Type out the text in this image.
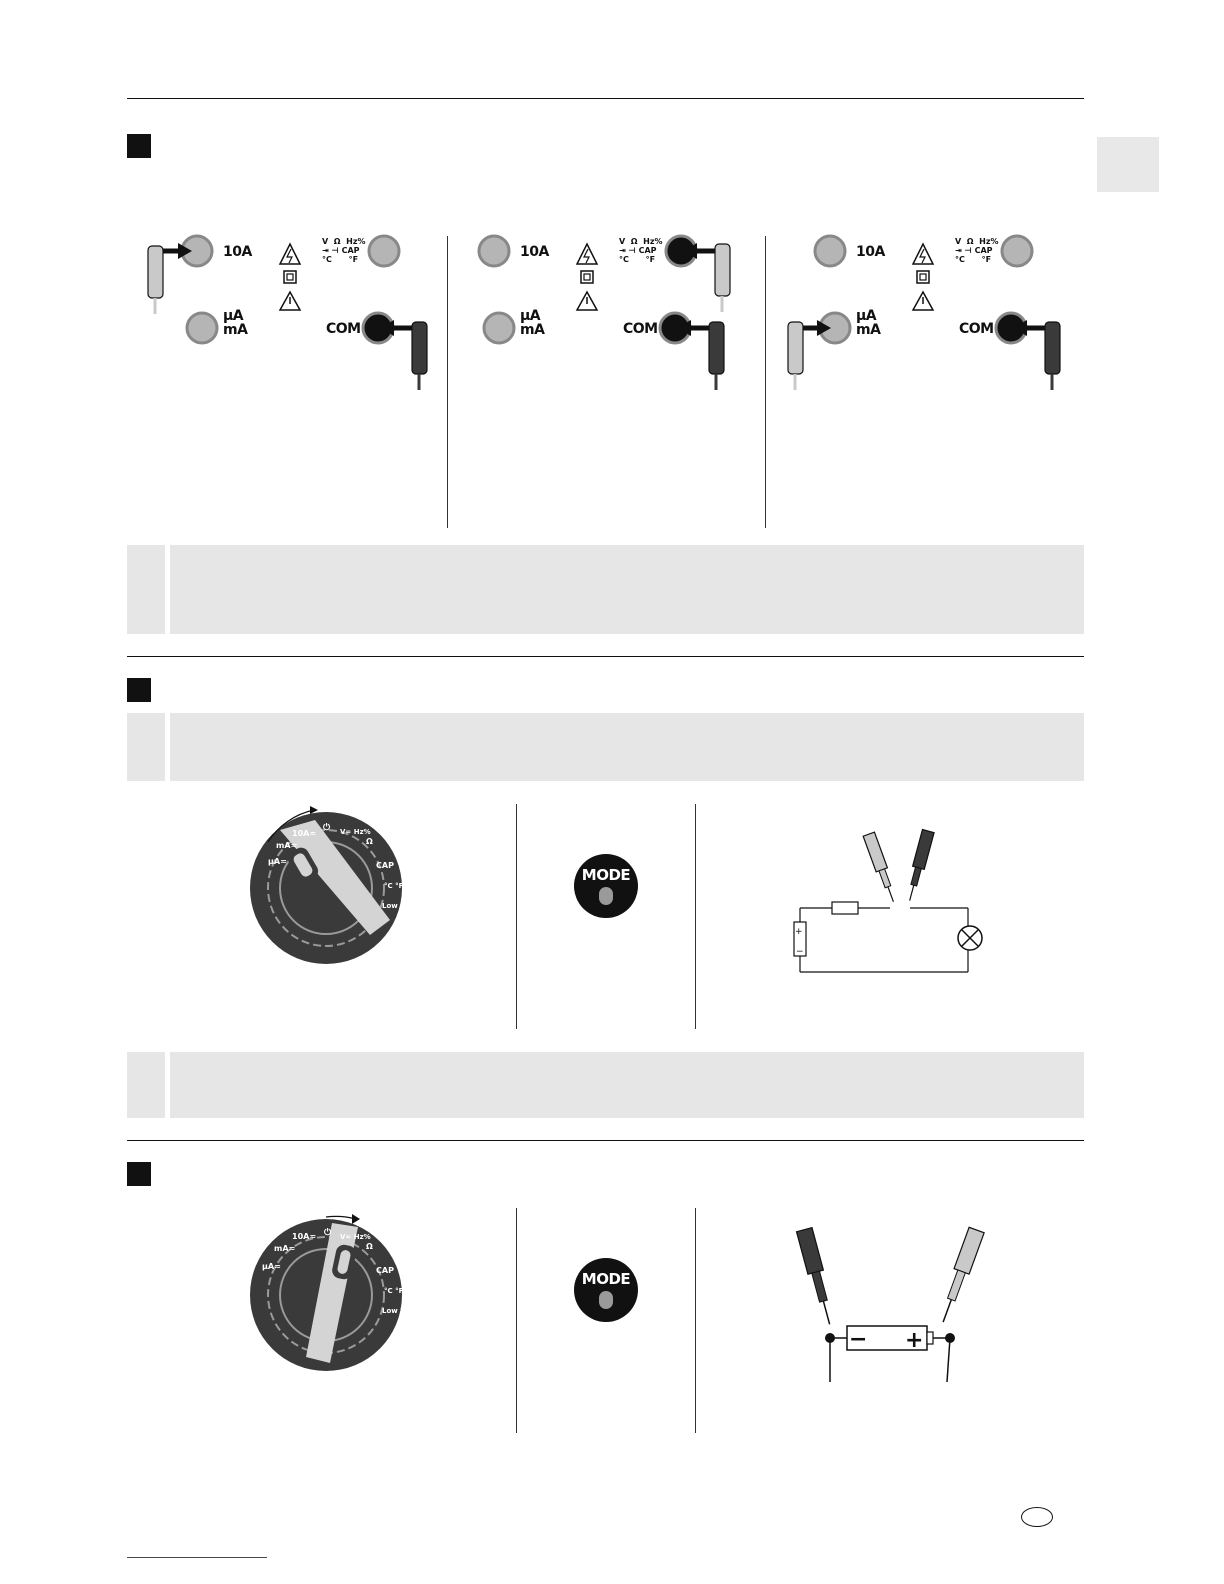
10A
µA
mA	COM
V  Ω  Hz%
⇥ ⊣ CAP
°C      °F	10A
µA
mA	COM
V  Ω  Hz%
⇥ ⊣ CAP
°C      °F	10A
µA
mA	COM
V  Ω  Hz%
⇥ ⊣ CAP
°C      °F
µA≂
mA≂
10A≂
⏻ V≂ Hz%
Ω
CAP
°C °F
Low Z
MODE
+
−
µA≂
mA≂
10A≂ ⏻ V≂ Hz%
Ω
CAP
°C °F
Low Z
MODE
− +
